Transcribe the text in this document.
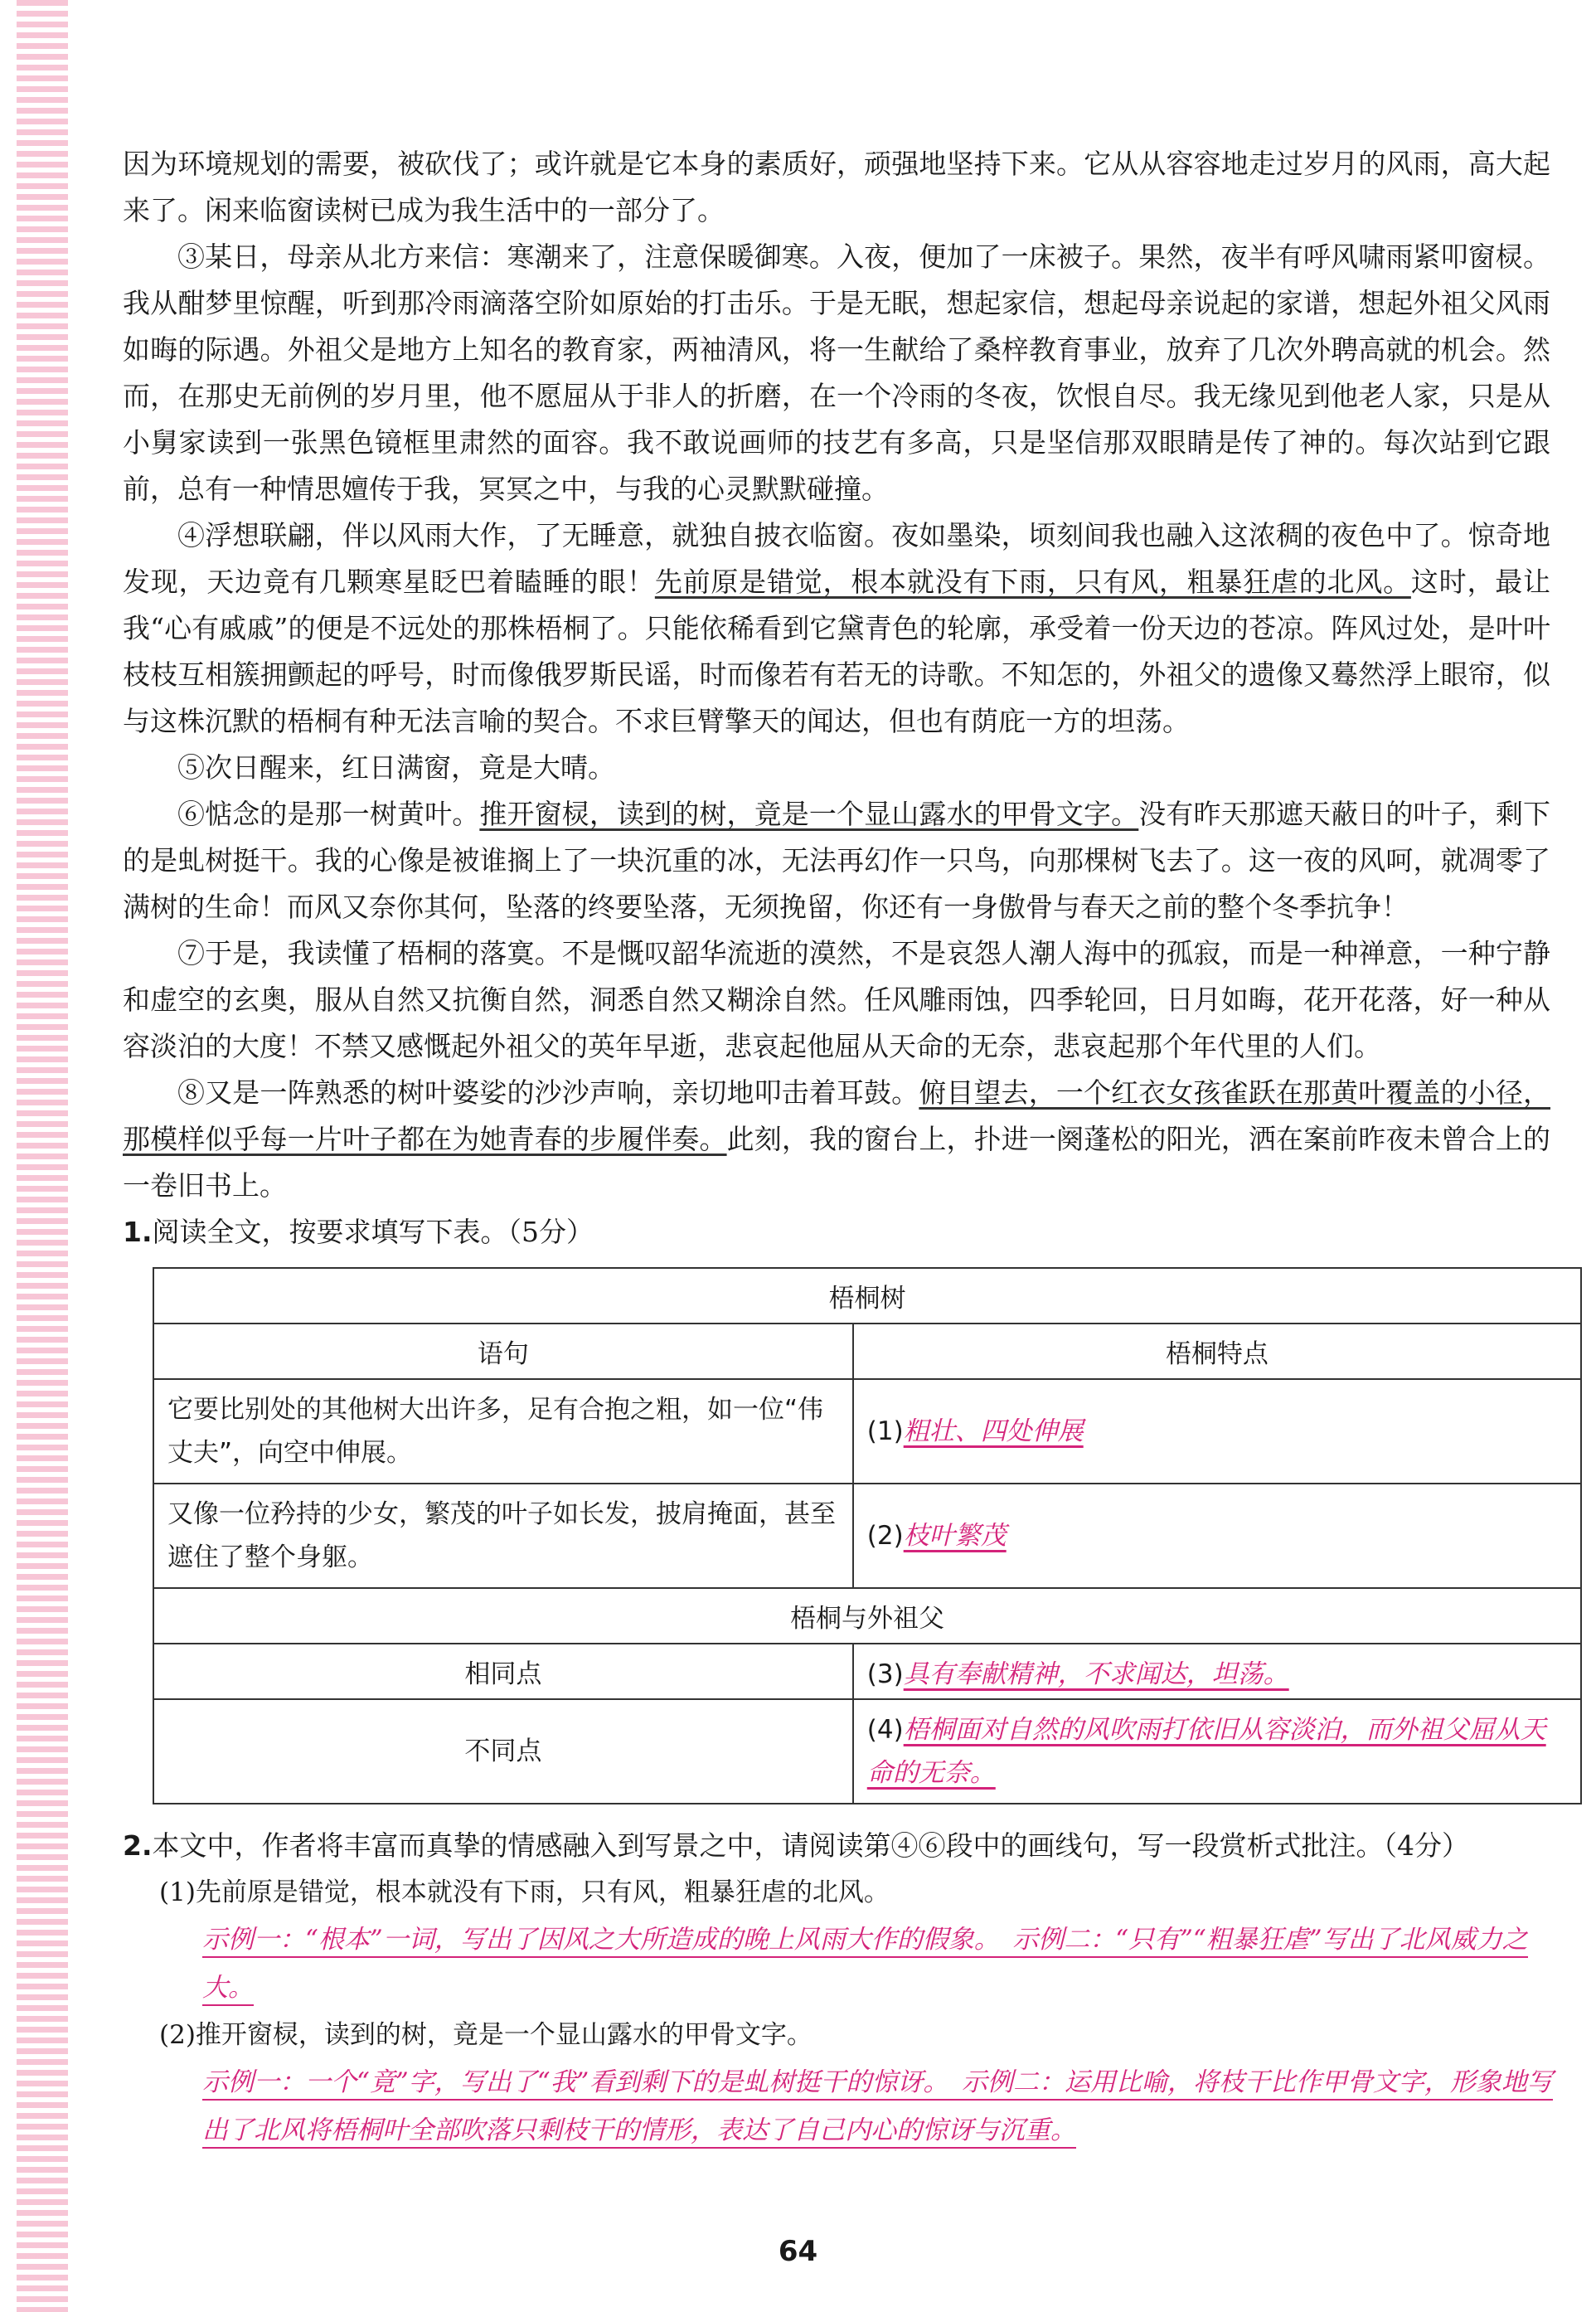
因为环境规划的需要，被砍伐了；或许就是它本身的素质好，顽强地坚持下来。它从从容容地走过岁月的风雨，高大起来了。闲来临窗读树已成为我生活中的一部分了。

③某日，母亲从北方来信：寒潮来了，注意保暖御寒。入夜，便加了一床被子。果然，夜半有呼风啸雨紧叩窗棂。我从酣梦里惊醒，听到那冷雨滴落空阶如原始的打击乐。于是无眠，想起家信，想起母亲说起的家谱，想起外祖父风雨如晦的际遇。外祖父是地方上知名的教育家，两袖清风，将一生献给了桑梓教育事业，放弃了几次外聘高就的机会。然而，在那史无前例的岁月里，他不愿屈从于非人的折磨，在一个冷雨的冬夜，饮恨自尽。我无缘见到他老人家，只是从小舅家读到一张黑色镜框里肃然的面容。我不敢说画师的技艺有多高，只是坚信那双眼睛是传了神的。每次站到它跟前，总有一种情思嬗传于我，冥冥之中，与我的心灵默默碰撞。

④浮想联翩，伴以风雨大作，了无睡意，就独自披衣临窗。夜如墨染，顷刻间我也融入这浓稠的夜色中了。惊奇地发现，天边竟有几颗寒星眨巴着瞌睡的眼！先前原是错觉，根本就没有下雨，只有风，粗暴狂虐的北风。这时，最让我“心有戚戚”的便是不远处的那株梧桐了。只能依稀看到它黛青色的轮廓，承受着一份天边的苍凉。阵风过处，是叶叶枝枝互相簇拥颤起的呼号，时而像俄罗斯民谣，时而像若有若无的诗歌。不知怎的，外祖父的遗像又蓦然浮上眼帘，似与这株沉默的梧桐有种无法言喻的契合。不求巨臂擎天的闻达，但也有荫庇一方的坦荡。

⑤次日醒来，红日满窗，竟是大晴。

⑥惦念的是那一树黄叶。推开窗棂，读到的树，竟是一个显山露水的甲骨文字。没有昨天那遮天蔽日的叶子，剩下的是虬树挺干。我的心像是被谁搁上了一块沉重的冰，无法再幻作一只鸟，向那棵树飞去了。这一夜的风呵，就凋零了满树的生命！而风又奈你其何，坠落的终要坠落，无须挽留，你还有一身傲骨与春天之前的整个冬季抗争！

⑦于是，我读懂了梧桐的落寞。不是慨叹韶华流逝的漠然，不是哀怨人潮人海中的孤寂，而是一种禅意，一种宁静和虚空的玄奥，服从自然又抗衡自然，洞悉自然又糊涂自然。任风雕雨蚀，四季轮回，日月如晦，花开花落，好一种从容淡泊的大度！不禁又感慨起外祖父的英年早逝，悲哀起他屈从天命的无奈，悲哀起那个年代里的人们。

⑧又是一阵熟悉的树叶婆娑的沙沙声响，亲切地叩击着耳鼓。俯目望去，一个红衣女孩雀跃在那黄叶覆盖的小径，那模样似乎每一片叶子都在为她青春的步履伴奏。此刻，我的窗台上，扑进一阕蓬松的阳光，洒在案前昨夜未曾合上的一卷旧书上。

1.阅读全文，按要求填写下表。（5分）

梧桐树	
语句	梧桐特点
它要比别处的其他树大出许多，足有合抱之粗，如一位“伟丈夫”，向空中伸展。	(1)粗壮、四处伸展
又像一位矜持的少女，繁茂的叶子如长发，披肩掩面，甚至遮住了整个身躯。	(2)枝叶繁茂
梧桐与外祖父	
相同点	(3)具有奉献精神，不求闻达，坦荡。
不同点	(4)梧桐面对自然的风吹雨打依旧从容淡泊，而外祖父屈从天命的无奈。

2.本文中，作者将丰富而真挚的情感融入到写景之中，请阅读第④⑥段中的画线句，写一段赏析式批注。（4分）

(1)先前原是错觉，根本就没有下雨，只有风，粗暴狂虐的北风。

示例一：“根本”一词，写出了因风之大所造成的晚上风雨大作的假象。　示例二：“只有”“粗暴狂虐”写出了北风威力之大。

(2)推开窗棂，读到的树，竟是一个显山露水的甲骨文字。

示例一：一个“竟”字，写出了“我”看到剩下的是虬树挺干的惊讶。　示例二：运用比喻，将枝干比作甲骨文字，形象地写出了北风将梧桐叶全部吹落只剩枝干的情形，表达了自己内心的惊讶与沉重。
64
